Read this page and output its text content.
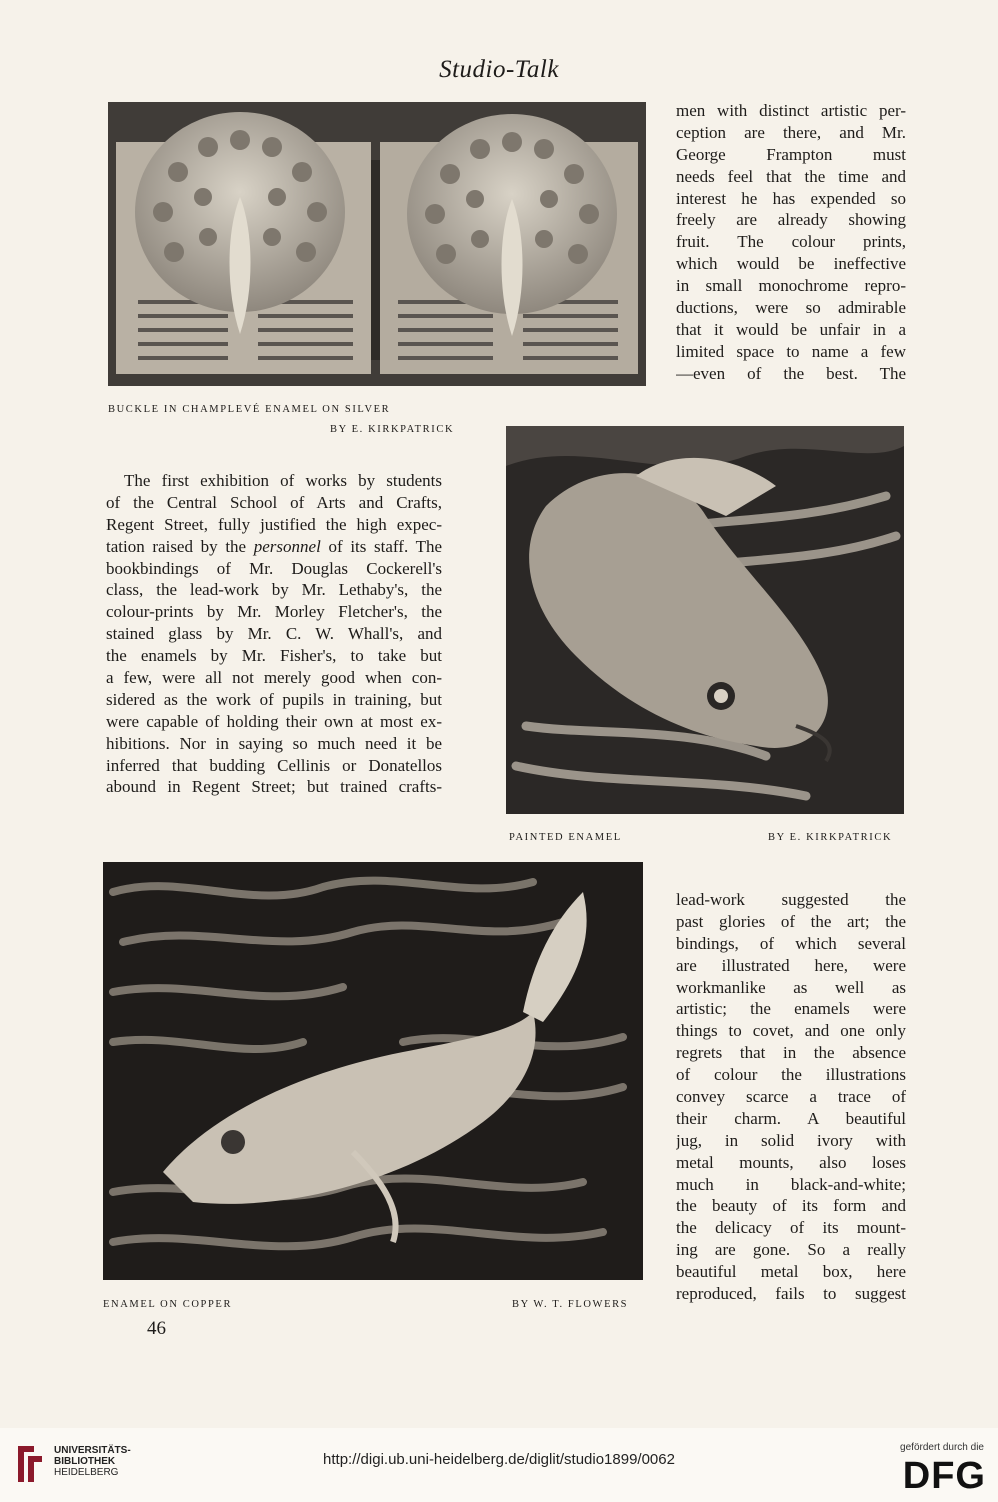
Studio-Talk
BUCKLE IN CHAMPLEVÉ ENAMEL ON SILVER
BY E. KIRKPATRICK
men with distinct artistic per-
ception are there, and Mr.
George Frampton must
needs feel that the time and
interest he has expended so
freely are already showing
fruit. The colour prints,
which would be ineffective
in small monochrome repro-
ductions, were so admirable
that it would be unfair in a
limited space to name a few
—even of the best. The
PAINTED ENAMEL	BY E. KIRKPATRICK
The first exhibition of works by students
of the Central School of Arts and Crafts,
Regent Street, fully justified the high expec-
tation raised by the personnel of its staff. The
bookbindings of Mr. Douglas Cockerell's
class, the lead-work by Mr. Lethaby's, the
colour-prints by Mr. Morley Fletcher's, the
stained glass by Mr. C. W. Whall's, and
the enamels by Mr. Fisher's, to take but
a few, were all not merely good when con-
sidered as the work of pupils in training, but
were capable of holding their own at most ex-
hibitions. Nor in saying so much need it be
inferred that budding Cellinis or Donatellos
abound in Regent Street; but trained crafts-
ENAMEL ON COPPER	BY W. T. FLOWERS
lead-work suggested the
past glories of the art; the
bindings, of which several
are illustrated here, were
workmanlike as well as
artistic; the enamels were
things to covet, and one only
regrets that in the absence
of colour the illustrations
convey scarce a trace of
their charm. A beautiful
jug, in solid ivory with
metal mounts, also loses
much in black-and-white;
the beauty of its form and
the delicacy of its mount-
ing are gone. So a really
beautiful metal box, here
reproduced, fails to suggest
46
UNIVERSITÄTS-
BIBLIOTHEK
HEIDELBERG
http://digi.ub.uni-heidelberg.de/diglit/studio1899/0062
gefördert durch die
DFG
